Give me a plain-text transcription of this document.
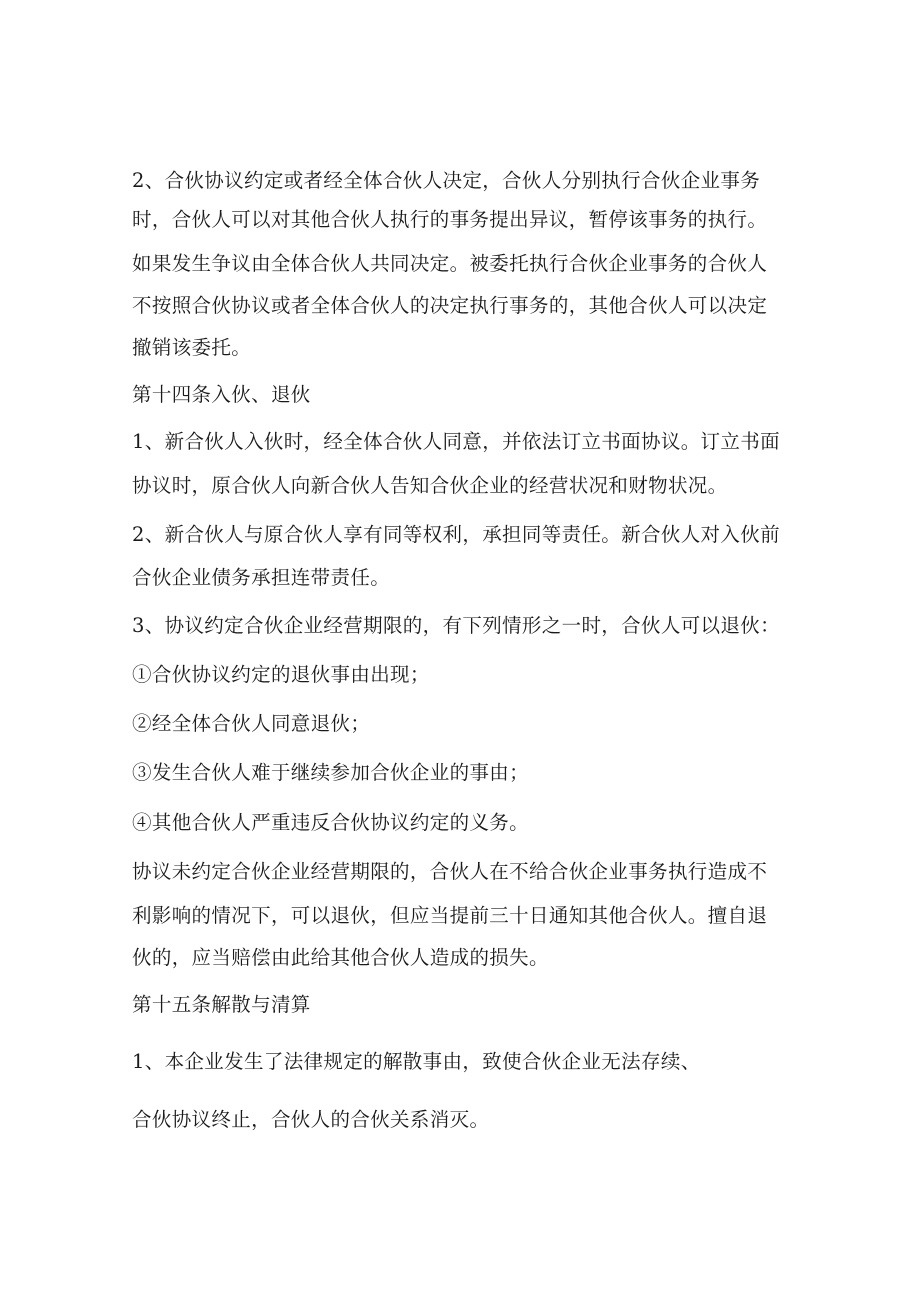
2、合伙协议约定或者经全体合伙人决定，合伙人分别执行合伙企业事务
时，合伙人可以对其他合伙人执行的事务提出异议，暂停该事务的执行。
如果发生争议由全体合伙人共同决定。被委托执行合伙企业事务的合伙人
不按照合伙协议或者全体合伙人的决定执行事务的，其他合伙人可以决定
撤销该委托。
第十四条入伙、退伙
1、新合伙人入伙时，经全体合伙人同意，并依法订立书面协议。订立书面
协议时，原合伙人向新合伙人告知合伙企业的经营状况和财物状况。
2、新合伙人与原合伙人享有同等权利，承担同等责任。新合伙人对入伙前
合伙企业债务承担连带责任。
3、协议约定合伙企业经营期限的，有下列情形之一时，合伙人可以退伙：
①合伙协议约定的退伙事由出现；
②经全体合伙人同意退伙；
③发生合伙人难于继续参加合伙企业的事由；
④其他合伙人严重违反合伙协议约定的义务。
协议未约定合伙企业经营期限的，合伙人在不给合伙企业事务执行造成不
利影响的情况下，可以退伙，但应当提前三十日通知其他合伙人。擅自退
伙的，应当赔偿由此给其他合伙人造成的损失。
第十五条解散与清算
1、本企业发生了法律规定的解散事由，致使合伙企业无法存续、
合伙协议终止，合伙人的合伙关系消灭。
